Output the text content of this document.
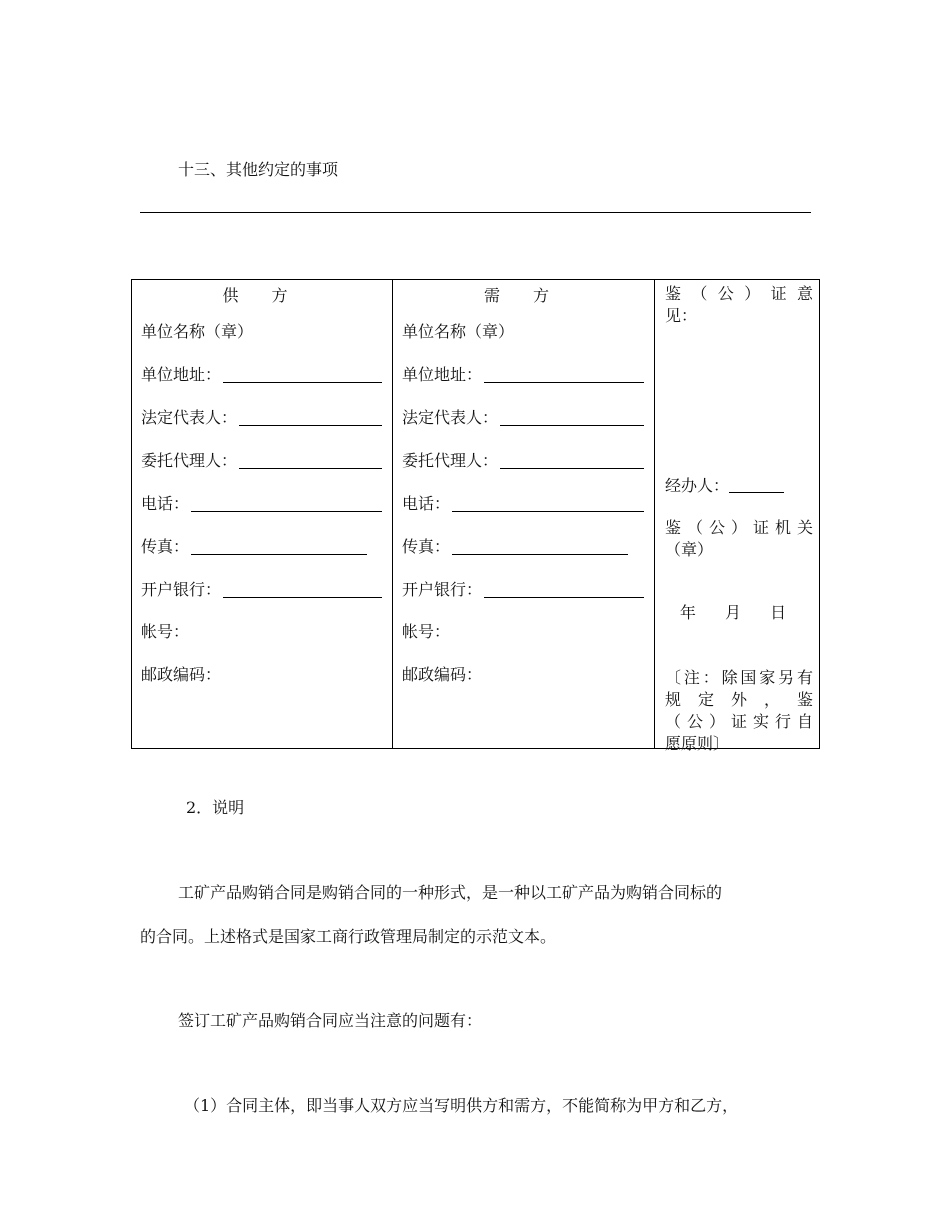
十三、其他约定的事项
供 方
单位名称（章）
单位地址：
法定代表人：
委托代理人：
电话：
传真：
开户银行：
帐号：
邮政编码：

需 方
单位名称（章）
单位地址：
法定代表人：
委托代理人：
电话：
传真：
开户银行：
帐号：
邮政编码：

鉴（公）证意
见：
经办人：
鉴（公）证机关
（章）
年 月 日
〔注：除国家另有
规定外，鉴
（公）证实行自
愿原则〕
2．说明

工矿产品购销合同是购销合同的一种形式，是一种以工矿产品为购销合同标的

的合同。上述格式是国家工商行政管理局制定的示范文本。

签订工矿产品购销合同应当注意的问题有：

（1）合同主体，即当事人双方应当写明供方和需方，不能简称为甲方和乙方，
